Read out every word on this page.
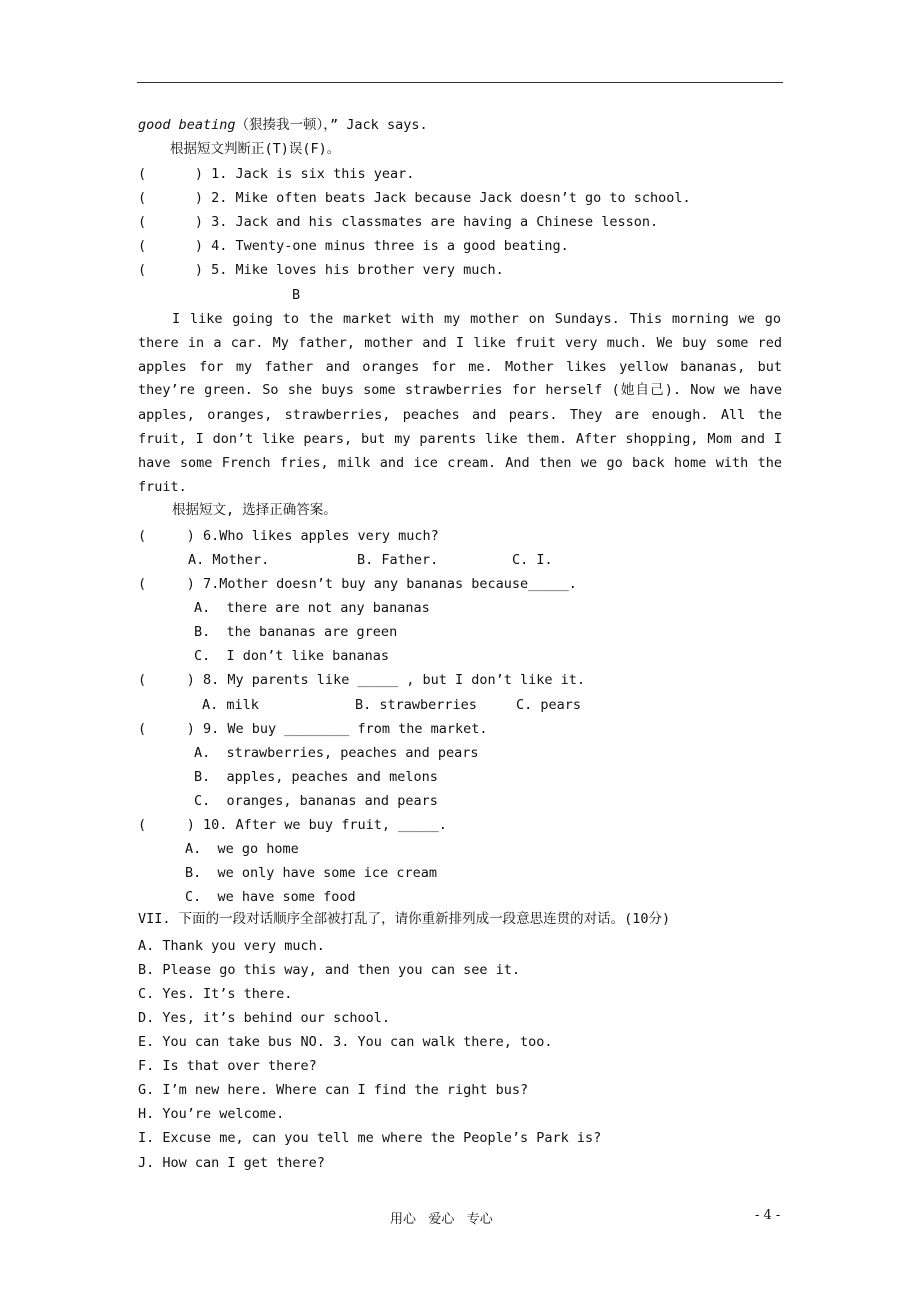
good beating（狠揍我一顿），” Jack says.
根据短文判断正(T)误(F)。
(      ) 1. Jack is six this year.
(      ) 2. Mike often beats Jack because Jack doesn’t go to school.
(      ) 3. Jack and his classmates are having a Chinese lesson.
(      ) 4. Twenty-one minus three is a good beating.
(      ) 5. Mike loves his brother very much.
B
I like going to the market with my mother on Sundays. This morning we go
there in a car. My father, mother and I like fruit very much. We buy some red
apples for my father and oranges for me. Mother likes yellow bananas, but
they’re green. So she buys some strawberries for herself (她自己). Now we have
apples, oranges, strawberries, peaches and pears. They are enough. All the
fruit, I don’t like pears, but my parents like them. After shopping, Mom and I
have some French fries, milk and ice cream. And then we go back home with the
fruit.
根据短文, 选择正确答案。
(     ) 6.Who likes apples very much?
A. Mother.	B. Father.	C. I.
(     ) 7.Mother doesn’t buy any bananas because_____.
A.  there are not any bananas
B.  the bananas are green
C.  I don’t like bananas
(     ) 8. My parents like _____ , but I don’t like it.
A. milk	B. strawberries	C. pears
(     ) 9. We buy ________ from the market.
A.  strawberries, peaches and pears
B.  apples, peaches and melons
C.  oranges, bananas and pears
(     ) 10. After we buy fruit, _____.
A.  we go home
B.  we only have some ice cream
C.  we have some food
VII. 下面的一段对话顺序全部被打乱了，请你重新排列成一段意思连贯的对话。(10分)
A. Thank you very much.
B. Please go this way, and then you can see it.
C. Yes. It’s there.
D. Yes, it’s behind our school.
E. You can take bus NO. 3. You can walk there, too.
F. Is that over there?
G. I’m new here. Where can I find the right bus?
H. You’re welcome.
I. Excuse me, can you tell me where the People’s Park is?
J. How can I get there?
用心   爱心   专心	- 4 -
